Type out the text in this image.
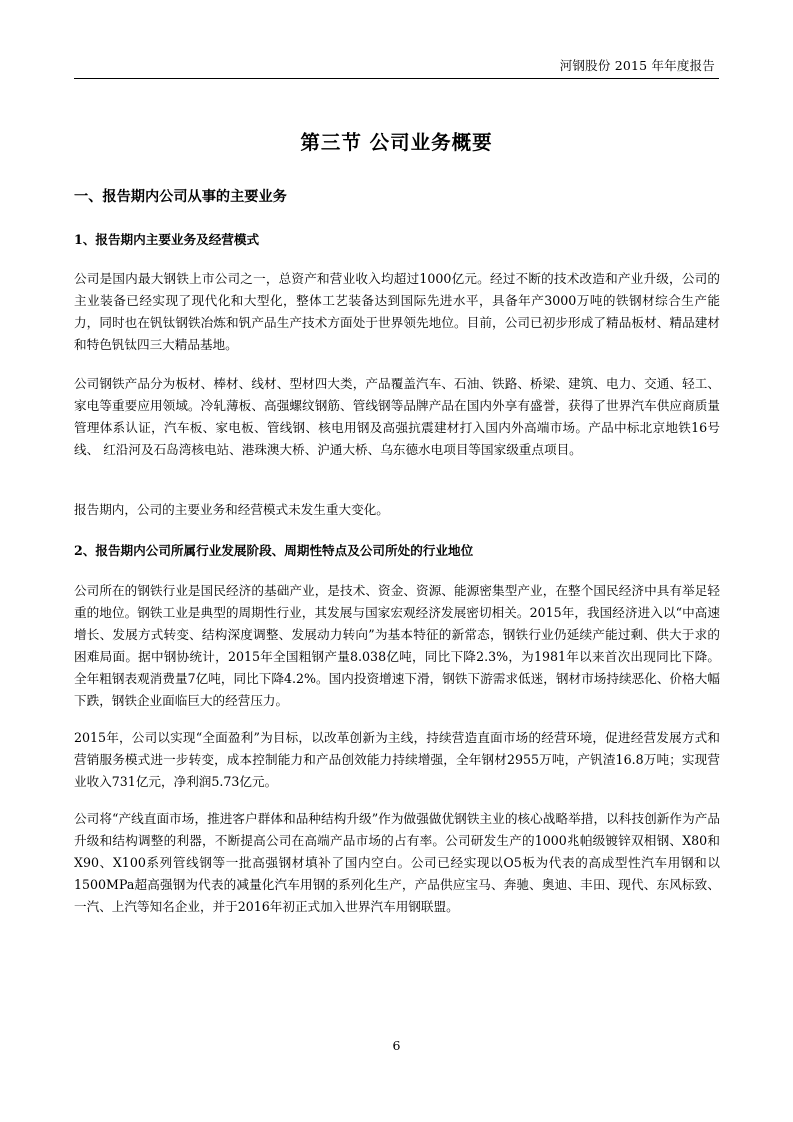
河钢股份 2015 年年度报告
第三节 公司业务概要
一、报告期内公司从事的主要业务
1、报告期内主要业务及经营模式

公司是国内最大钢铁上市公司之一，总资产和营业收入均超过1000亿元。经过不断的技术改造和产业升级，公司的主业装备已经实现了现代化和大型化，整体工艺装备达到国际先进水平，具备年产3000万吨的铁钢材综合生产能力，同时也在钒钛钢铁冶炼和钒产品生产技术方面处于世界领先地位。目前，公司已初步形成了精品板材、精品建材和特色钒钛四三大精品基地。

公司钢铁产品分为板材、棒材、线材、型材四大类，产品覆盖汽车、石油、铁路、桥梁、建筑、电力、交通、轻工、家电等重要应用领域。冷轧薄板、高强螺纹钢筋、管线钢等品牌产品在国内外享有盛誉，获得了世界汽车供应商质量管理体系认证，汽车板、家电板、管线钢、核电用钢及高强抗震建材打入国内外高端市场。产品中标北京地铁16号线、 红沿河及石岛湾核电站、港珠澳大桥、沪通大桥、乌东德水电项目等国家级重点项目。

报告期内，公司的主要业务和经营模式未发生重大变化。

2、报告期内公司所属行业发展阶段、周期性特点及公司所处的行业地位

公司所在的钢铁行业是国民经济的基础产业，是技术、资金、资源、能源密集型产业，在整个国民经济中具有举足轻重的地位。钢铁工业是典型的周期性行业，其发展与国家宏观经济发展密切相关。2015年，我国经济进入以“中高速增长、发展方式转变、结构深度调整、发展动力转向”为基本特征的新常态，钢铁行业仍延续产能过剩、供大于求的困难局面。据中钢协统计，2015年全国粗钢产量8.038亿吨，同比下降2.3%，为1981年以来首次出现同比下降。全年粗钢表观消费量7亿吨，同比下降4.2%。国内投资增速下滑，钢铁下游需求低迷，钢材市场持续恶化、价格大幅下跌，钢铁企业面临巨大的经营压力。

2015年，公司以实现“全面盈利”为目标，以改革创新为主线，持续营造直面市场的经营环境，促进经营发展方式和营销服务模式进一步转变，成本控制能力和产品创效能力持续增强，全年钢材2955万吨，产钒渣16.8万吨；实现营业收入731亿元，净利润5.73亿元。

公司将“产线直面市场，推进客户群体和品种结构升级”作为做强做优钢铁主业的核心战略举措，以科技创新作为产品升级和结构调整的利器，不断提高公司在高端产品市场的占有率。公司研发生产的1000兆帕级镀锌双相钢、X80和X90、X100系列管线钢等一批高强钢材填补了国内空白。公司已经实现以O5板为代表的高成型性汽车用钢和以1500MPa超高强钢为代表的减量化汽车用钢的系列化生产，产品供应宝马、奔驰、奥迪、丰田、现代、东风标致、一汽、上汽等知名企业，并于2016年初正式加入世界汽车用钢联盟。

6
